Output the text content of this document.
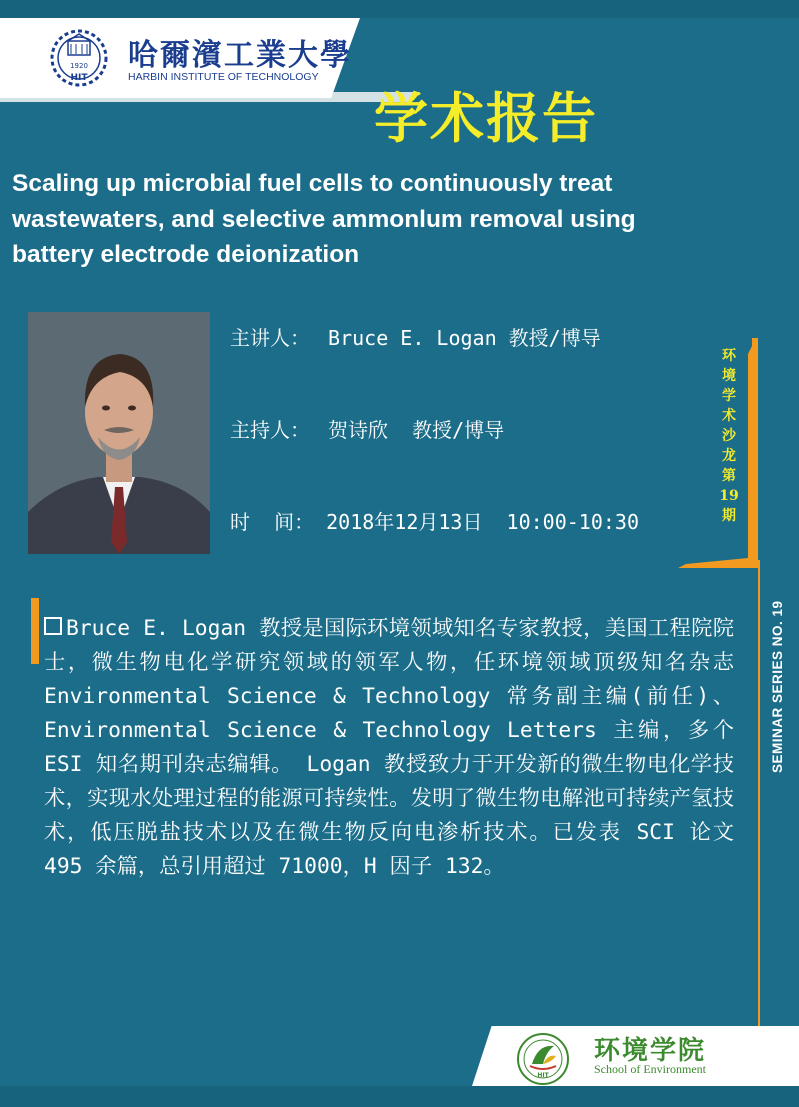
1920
HIT
哈爾濱工業大學
HARBIN INSTITUTE OF TECHNOLOGY
学术报告
Scaling up microbial fuel cells to continuously treat wastewaters, and selective ammonlum removal using battery electrode deionization
主讲人： Bruce E. Logan 教授/博导
主持人： 贺诗欣  教授/博导
时  间： 2018年12月13日  10:00-10:30
环
境
学
术
沙
龙
第
19
期
SEMINAR SERIES NO. 19
Bruce E. Logan 教授是国际环境领域知名专家教授，美国工程院院士，微生物电化学研究领域的领军人物，任环境领域顶级知名杂志 Environmental Science & Technology 常务副主编(前任)、 Environmental Science & Technology Letters 主编，多个 ESI 知名期刊杂志编辑。 Logan 教授致力于开发新的微生物电化学技术，实现水处理过程的能源可持续性。发明了微生物电解池可持续产氢技术，低压脱盐技术以及在微生物反向电渗析技术。已发表 SCI 论文 495 余篇，总引用超过 71000，H 因子 132。
HIT
环境学院
School of Environment
